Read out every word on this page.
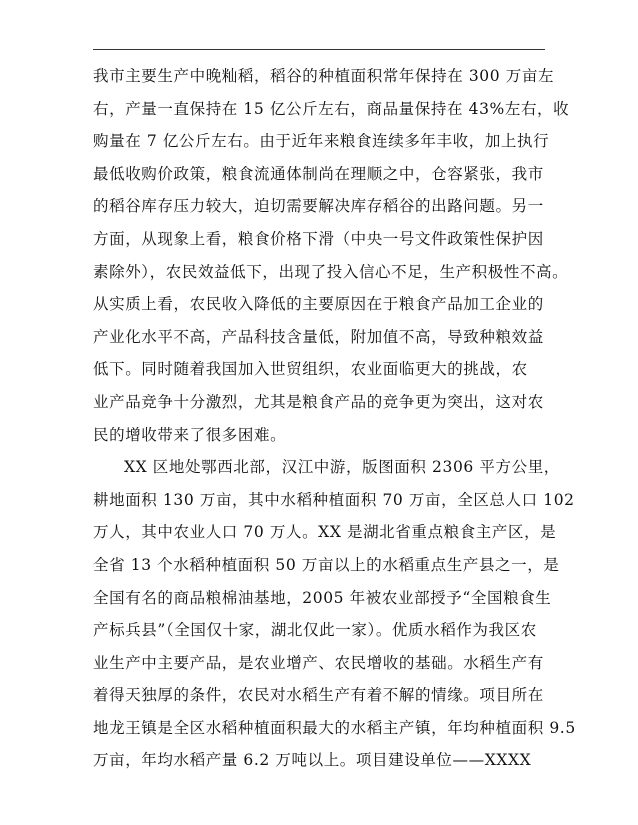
我市主要生产中晚籼稻，稻谷的种植面积常年保持在 300 万亩左
右，产量一直保持在 15 亿公斤左右，商品量保持在 43%左右，收
购量在 7 亿公斤左右。由于近年来粮食连续多年丰收，加上执行
最低收购价政策，粮食流通体制尚在理顺之中，仓容紧张，我市
的稻谷库存压力较大，迫切需要解决库存稻谷的出路问题。另一
方面，从现象上看，粮食价格下滑（中央一号文件政策性保护因
素除外），农民效益低下，出现了投入信心不足，生产积极性不高。
从实质上看，农民收入降低的主要原因在于粮食产品加工企业的
产业化水平不高，产品科技含量低，附加值不高，导致种粮效益
低下。同时随着我国加入世贸组织，农业面临更大的挑战，农
业产品竞争十分激烈，尤其是粮食产品的竞争更为突出，这对农
民的增收带来了很多困难。
XX 区地处鄂西北部，汉江中游，版图面积 2306 平方公里，
耕地面积 130 万亩，其中水稻种植面积 70 万亩，全区总人口 102
万人，其中农业人口 70 万人。XX 是湖北省重点粮食主产区，是
全省 13 个水稻种植面积 50 万亩以上的水稻重点生产县之一，是
全国有名的商品粮棉油基地，2005 年被农业部授予“全国粮食生
产标兵县”（全国仅十家，湖北仅此一家）。优质水稻作为我区农
业生产中主要产品，是农业增产、农民增收的基础。水稻生产有
着得天独厚的条件，农民对水稻生产有着不解的情缘。项目所在
地龙王镇是全区水稻种植面积最大的水稻主产镇，年均种植面积 9.5
万亩，年均水稻产量 6.2 万吨以上。项目建设单位——XXXX
